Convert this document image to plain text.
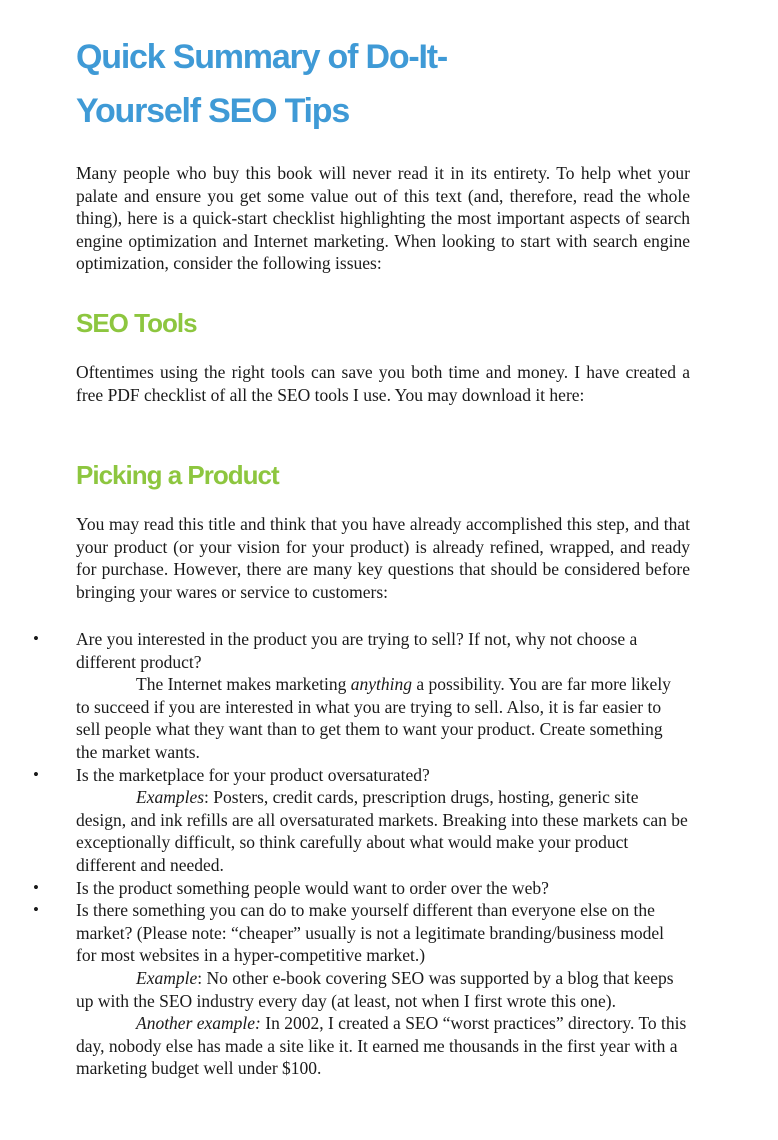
Quick Summary of Do-It-
Yourself SEO Tips

Many people who buy this book will never read it in its entirety. To help whet your palate and ensure you get some value out of this text (and, therefore, read the whole thing), here is a quick-start checklist highlighting the most important aspects of search engine optimization and Internet marketing. When looking to start with search engine optimization, consider the following issues:

SEO Tools

Oftentimes using the right tools can save you both time and money. I have created a free PDF checklist of all the SEO tools I use. You may download it here:

Picking a Product

You may read this title and think that you have already accomplished this step, and that your product (or your vision for your product) is already refined, wrapped, and ready for purchase. However, there are many key questions that should be considered before bringing your wares or service to customers:

• Are you interested in the product you are trying to sell? If not, why not choose a different product?
The Internet makes marketing anything a possibility. You are far more likely to succeed if you are interested in what you are trying to sell. Also, it is far easier to sell people what they want than to get them to want your product. Create something the market wants.
• Is the marketplace for your product oversaturated?
Examples: Posters, credit cards, prescription drugs, hosting, generic site design, and ink refills are all oversaturated markets. Breaking into these markets can be exceptionally difficult, so think carefully about what would make your product different and needed.
• Is the product something people would want to order over the web?
• Is there something you can do to make yourself different than everyone else on the market? (Please note: “cheaper” usually is not a legitimate branding/business model for most websites in a hyper-competitive market.)
Example: No other e-book covering SEO was supported by a blog that keeps up with the SEO industry every day (at least, not when I first wrote this one).
Another example: In 2002, I created a SEO “worst practices” directory. To this day, nobody else has made a site like it. It earned me thousands in the first year with a marketing budget well under $100.
